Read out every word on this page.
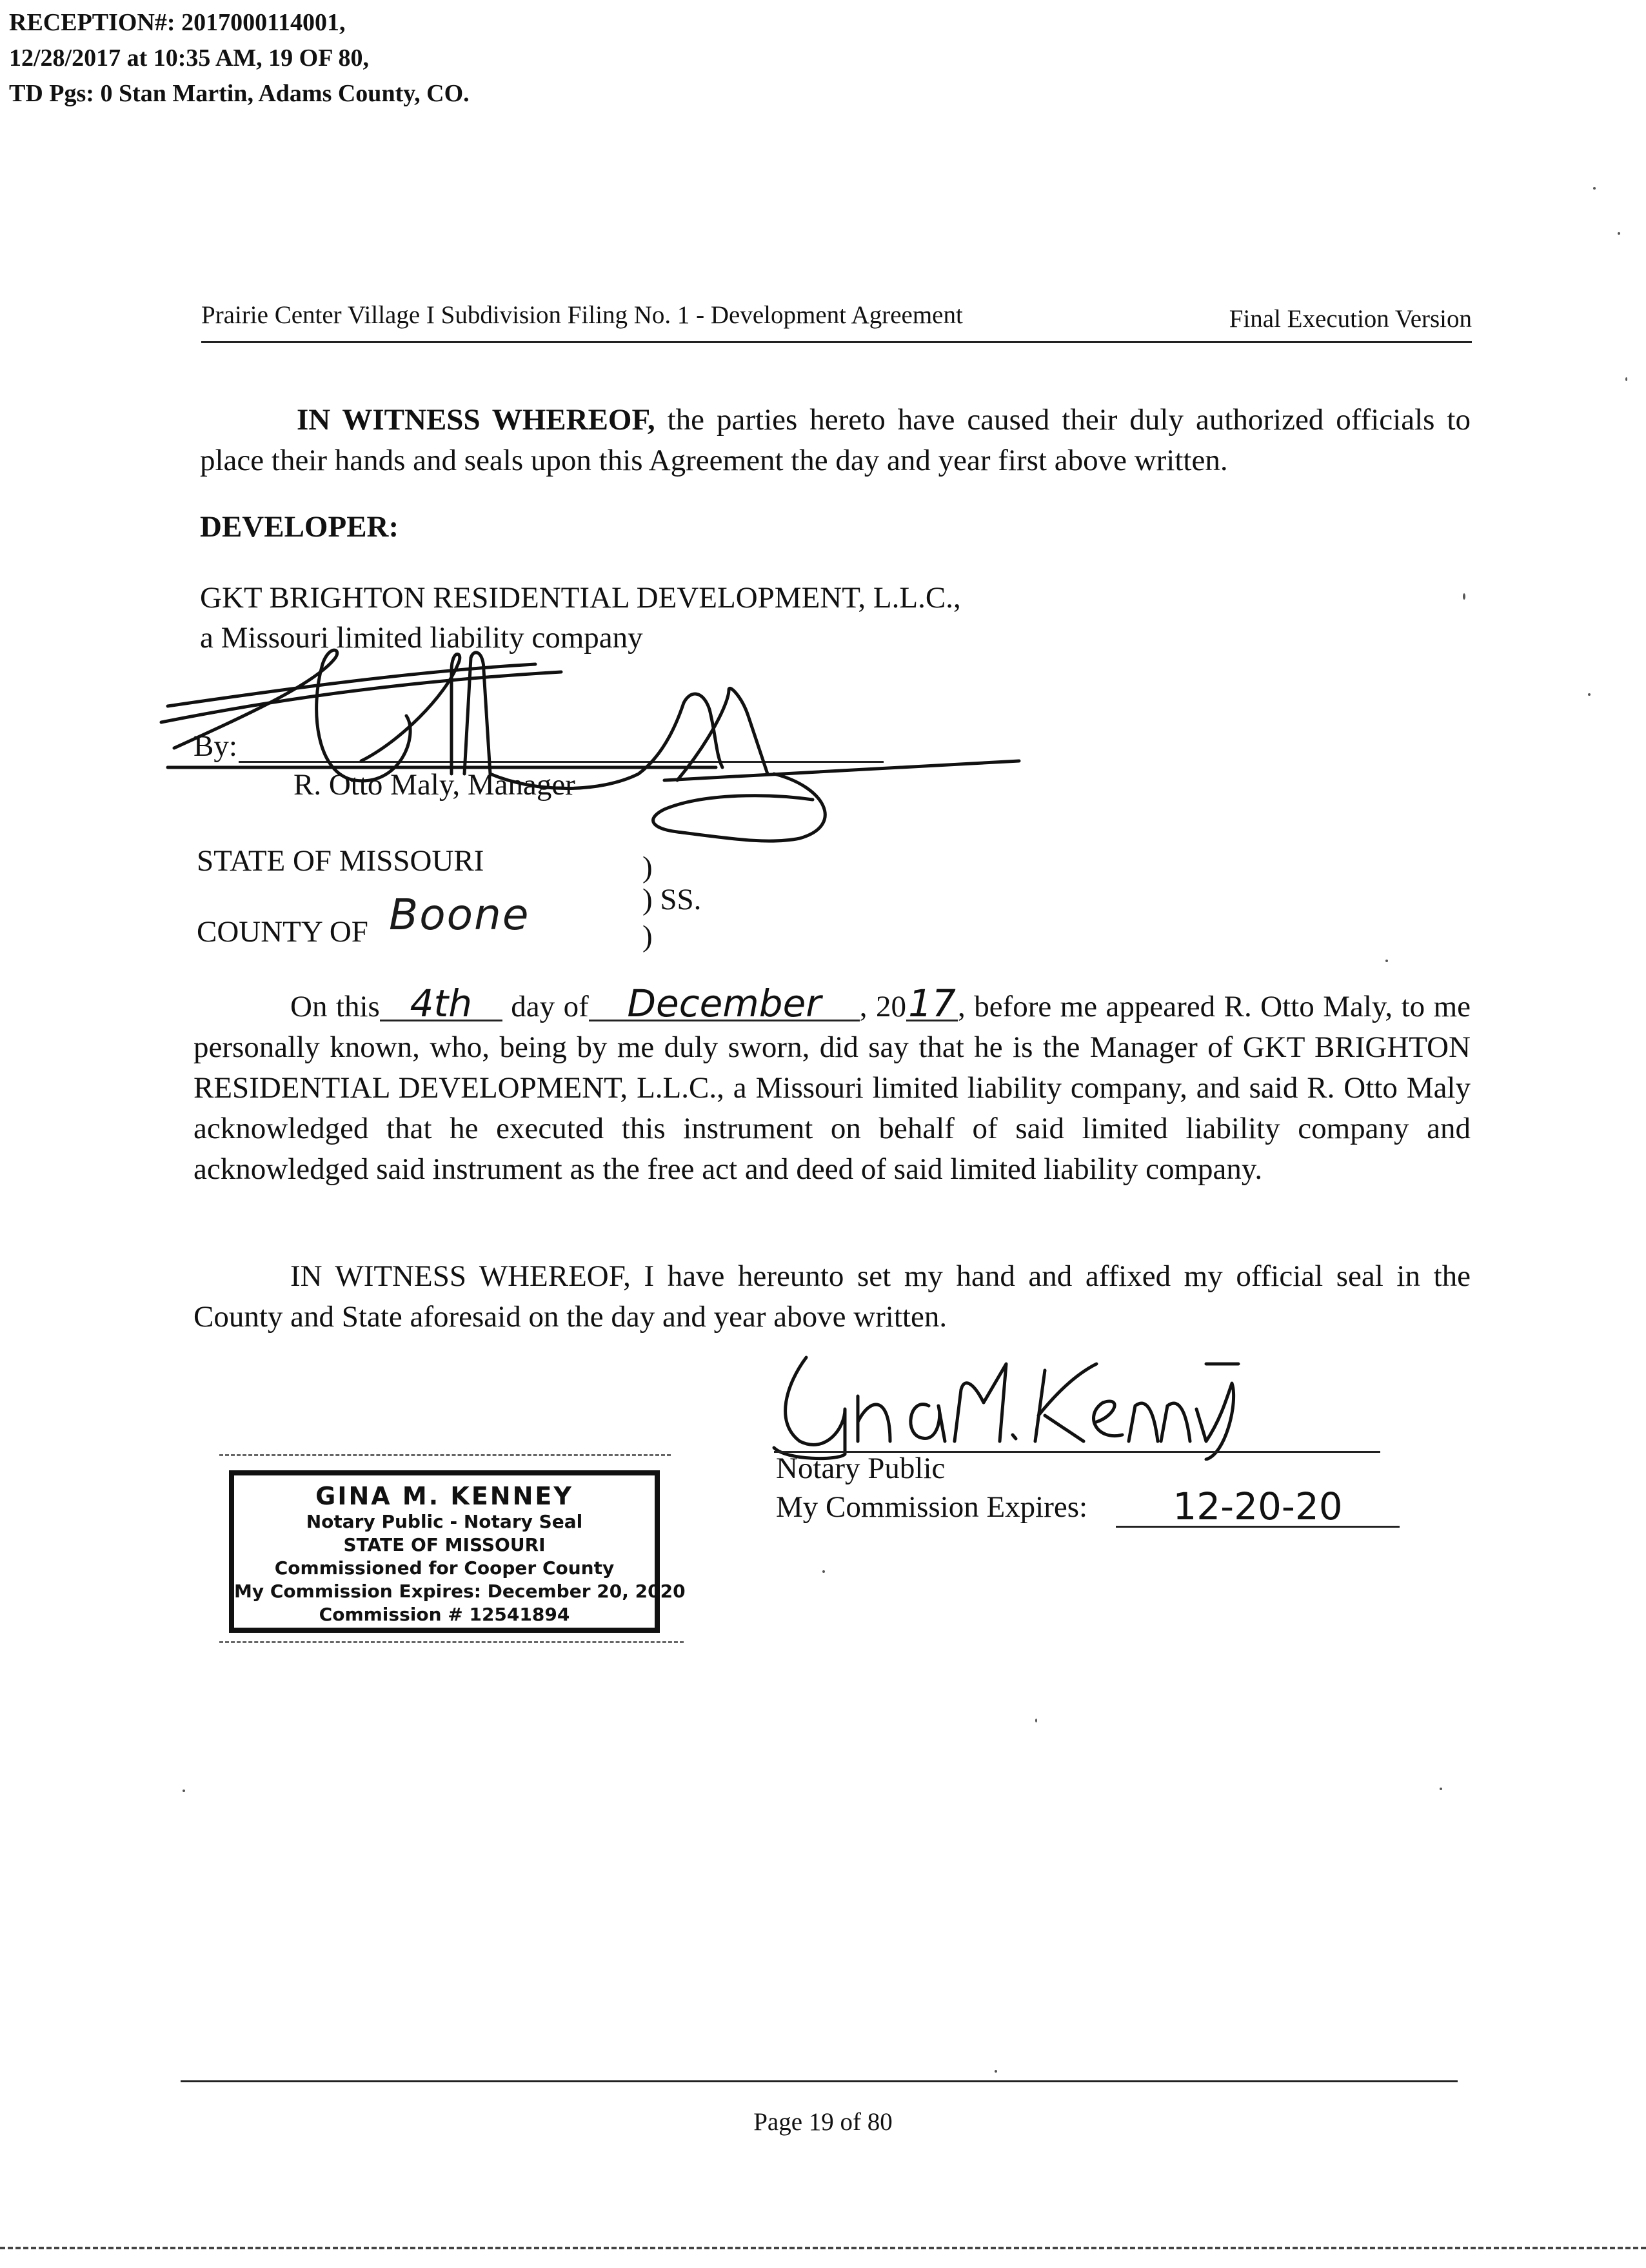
RECEPTION#: 2017000114001,
12/28/2017 at 10:35 AM, 19 OF 80,
TD Pgs: 0 Stan Martin, Adams County, CO.
Prairie Center Village I Subdivision Filing No. 1 - Development Agreement	Final Execution Version
IN WITNESS WHEREOF, the parties hereto have caused their duly authorized officials to place their hands and seals upon this Agreement the day and year first above written.
DEVELOPER:
GKT BRIGHTON RESIDENTIAL DEVELOPMENT, L.L.C.,
a Missouri limited liability company
By:
R. Otto Maly, Manager
STATE OF MISSOURI
COUNTY OF Boone
)
) SS.
)
On this 4th day of December , 2017, before me appeared R. Otto Maly, to me personally known, who, being by me duly sworn, did say that he is the Manager of GKT BRIGHTON RESIDENTIAL DEVELOPMENT, L.L.C., a Missouri limited liability company, and said R. Otto Maly acknowledged that he executed this instrument on behalf of said limited liability company and acknowledged said instrument as the free act and deed of said limited liability company.
IN WITNESS WHEREOF, I have hereunto set my hand and affixed my official seal in the County and State aforesaid on the day and year above written.
Notary Public
My Commission Expires:	12-20-20
GINA M. KENNEY
Notary Public - Notary Seal
STATE OF MISSOURI
Commissioned for Cooper County
My Commission Expires: December 20, 2020
Commission # 12541894
Page 19 of 80
